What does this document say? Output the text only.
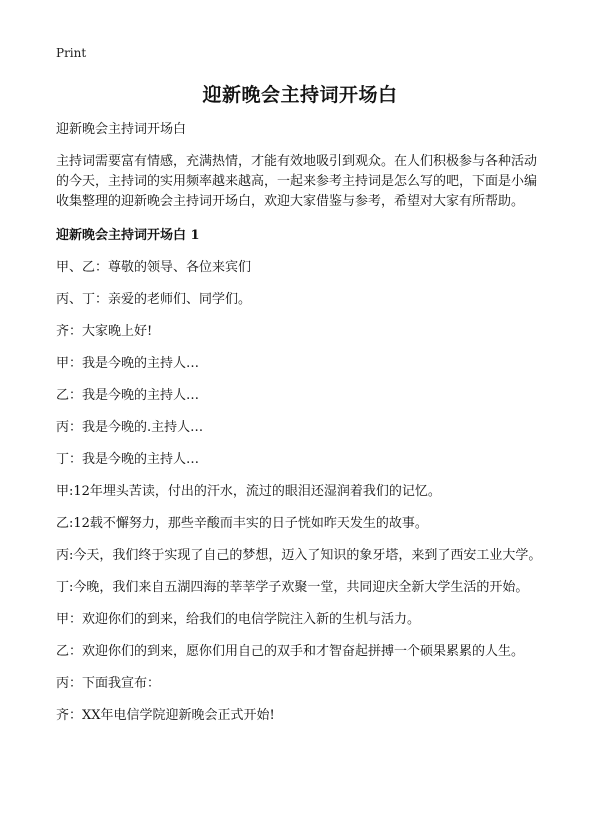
Print
迎新晚会主持词开场白

迎新晚会主持词开场白

主持词需要富有情感，充满热情，才能有效地吸引到观众。在人们积极参与各种活动的今天，主持词的实用频率越来越高，一起来参考主持词是怎么写的吧，下面是小编收集整理的迎新晚会主持词开场白，欢迎大家借鉴与参考，希望对大家有所帮助。

迎新晚会主持词开场白 1

甲、乙：尊敬的领导、各位来宾们

丙、丁：亲爱的老师们、同学们。

齐：大家晚上好!

甲：我是今晚的主持人…

乙：我是今晚的主持人…

丙：我是今晚的.主持人…

丁：我是今晚的主持人…

甲:12年埋头苦读，付出的汗水，流过的眼泪还湿润着我们的记忆。

乙:12载不懈努力，那些辛酸而丰实的日子恍如昨天发生的故事。

丙:今天，我们终于实现了自己的梦想，迈入了知识的象牙塔，来到了西安工业大学。

丁:今晚，我们来自五湖四海的莘莘学子欢聚一堂，共同迎庆全新大学生活的开始。

甲：欢迎你们的到来，给我们的电信学院注入新的生机与活力。

乙：欢迎你们的到来，愿你们用自己的双手和才智奋起拼搏一个硕果累累的人生。

丙：下面我宣布：

齐：XX年电信学院迎新晚会正式开始!
